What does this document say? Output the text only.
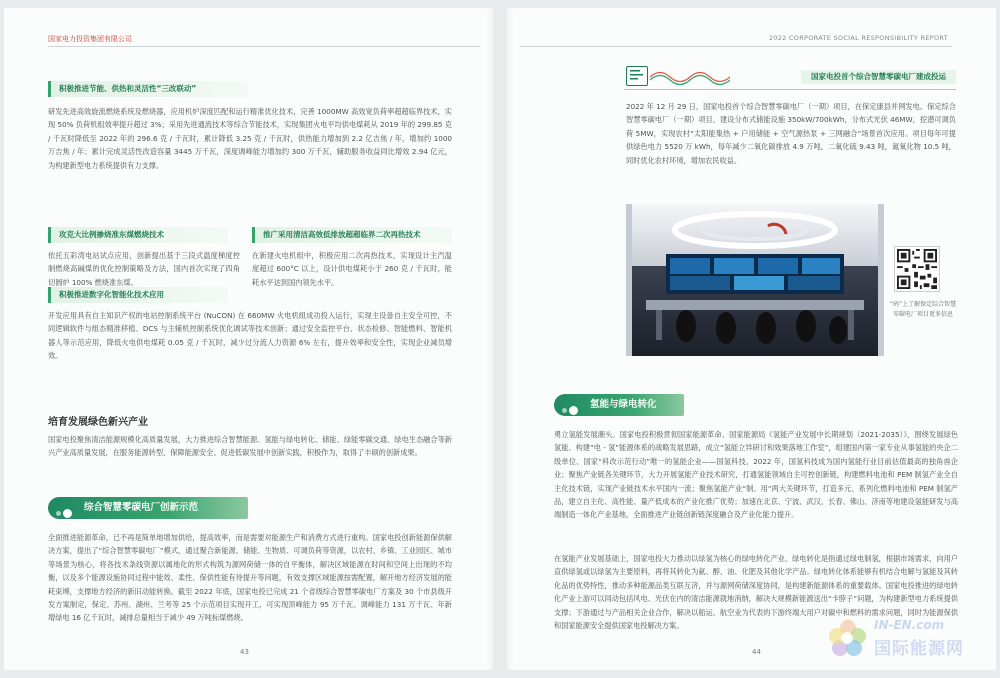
国家电力投资集团有限公司
积极推进节能、供热和灵活性“三改联动”
研发先进高效旋流燃烧系统及燃烧器，应用机炉深度匹配和运行精准优化技术，完善 1000MW 高效宽负荷率超超临界技术，实现 50% 负荷机组效率提升超过 3%；采用先进通流技术等综合节能技术，实现集团火电平均供电煤耗从 2019 年的 299.85 克 / 千瓦时降低至 2022 年的 296.6 克 / 千瓦时，累计降低 3.25 克 / 千瓦时，供热能力增加到 2.2 亿吉焦 / 年，增加约 1000 万吉焦 / 年；累计完成灵活性改造容量 3445 万千瓦，深度调峰能力增加约 300 万千瓦，辅助服务收益同比增效 2.94 亿元，为构建新型电力系统提供有力支撑。
攻克大比例掺烧准东煤燃烧技术
依托五彩湾电站试点应用，创新提出基于三段式温度梯度控制燃烧高碱煤的优化控制策略及方法，国内首次实现了四角切圆炉 100% 燃烧准东煤。
推广采用清洁高效低排放超超临界二次再热技术
在新建火电机组中，积极应用二次再热技术，实现设计主汽温度超过 600°C 以上，设计供电煤耗小于 260 克 / 千瓦时，能耗水平达到国内领先水平。
积极推进数字化智能化技术应用
开发应用具有自主知识产权的电站控制系统平台 (NuCON) 在 660MW 火电机组成功投入运行，实现主设备自主安全可控，不同逻辑软件与组态精准移植、DCS 与主辅机控制系统优化调试等技术创新；通过安全监控平台、状态检修、智能燃料、智能机器人等示范应用，降低火电供电煤耗 0.05 克 / 千瓦时，减少过分流人力资源 6% 左右，提升效率和安全性，实现企业减员增效。
培育发展绿色新兴产业
国家电投聚焦清洁能源规模化高质量发展，大力推进综合智慧能源、氢能与绿电转化、储能、绿能零碳交通、绿电生态融合等新兴产业高质量发展，在服务能源转型、保障能源安全、促进低碳发展中创新实践，积极作为，取得了丰硕的创新成果。
综合智慧零碳电厂创新示范
全面推进能源革命，已不再是简单地增加供给，提高效率，而是需要对能源生产和消费方式进行重构。国家电投创新能源保供解决方案，提出了“综合智慧零碳电厂”模式，通过聚合新能源、储能、生物质、可调负荷等资源，以农村、乡镇、工业园区、城市等场景为核心，将各技术条线资源以属地化的形式构筑为源网荷储一体的自平衡体，解决区域能源在时间和空间上出现的不均衡，以及多个能源设施协同过程中能效、柔性、保供性能有待提升等问题，有效支撑区域能源按需配置，解开地方经济发展的能耗束缚，支撑地方经济的新旧动能转换。截至 2022 年底，国家电投已完成 21 个省级综合智慧零碳电厂方案及 30 个市县级开发方案制定，保定、苏州、湖州、兰考等 25 个示范项目实现开工，可实现顶峰能力 95 万千瓦、调峰能力 131 万千瓦、年新增绿电 16 亿千瓦时，减排总量相当于减少 49 万吨标煤燃烧。
43
2022 CORPORATE SOCIAL RESPONSIBILITY REPORT
国家电投首个综合智慧零碳电厂建成投运
2022 年 12 月 29 日，国家电投首个综合智慧零碳电厂（一期）项目，在保定康县并网发电。保定综合智慧零碳电厂（一期）项目，建设分布式储能设施 350kW/700kWh，分布式光伏 46MW，挖潜可调负荷 5MW，实现农村“太阳能集热 + 户用储能 + 空气源热泵 + 三网融合”场景首次应用。项目每年可提供绿色电力 5520 万 kWh，每年减少二氧化碳排放 4.9 万吨，二氧化硫 9.43 吨，氮氧化物 10.5 吨，同时优化农村环境，增加农民收益。
“码”上了解保定综合智慧零碳电厂项目更多信息
氢能与绿电转化
勇立氢能发展潮头。国家电投积极贯彻国家能源革命、国家能源局《氢能产业发展中长期规划（2021-2035）》，围绕发展绿色氢能、构建“电 - 氢”能源体系的战略发展思路，成立“氢能立异研讨和效果落地工作室”，组建国内第一家专业从事氢能的央企二级单位、国家“科改示范行动”唯一的氢能企业——国氢科技，2022 年，国氢科技成为国内氢能行业目前估值最高的独角兽企业；聚焦产业链各关键环节，大力开展氢能产业技术研究，打通氢能领域自主可控创新链，构建燃料电池和 PEM 制氢产业全自主化技术链，实现产业链技术水平国内一流；聚焦氢能产业“制、用”两大关键环节，打造多元、系列化燃料电池和 PEM 制氢产品，建立自主化、高性能、量产低成本的产业化推广优势；加速在北京、宁波、武汉、长春、佛山、济南等地建设氢能研发与高端制造一体化产业基地，全面推进产业链创新链深度融合及产业化能力提升。
在氢能产业发展基础上，国家电投大力推动以绿氢为核心的绿电转化产业。绿电转化是指通过绿电制氢，根据市场需求，向用户直供绿氢或以绿氢为主要原料，再将其转化为氨、醇、油、化肥及其他化学产品。绿电转化体系能够有机结合电解与氢能及其转化品的优势特性，推动多种能源品类互联互济，并与源网荷储深度协同，是构建新能源体系的重要载体。国家电投推进的绿电转化产业上游可以同动包括风电、光伏在内的清洁能源就地消纳，解决大规模新能源送出“卡脖子”问题，为构建新型电力系统提供支撑；下游通过与产品相关企业合作，解决以船运、航空业为代表的下游终端大用户对碳中和燃料的需求问题，同时为能源保供和国家能源安全提供国家电投解决方案。
44
IN-EN.com
国际能源网
